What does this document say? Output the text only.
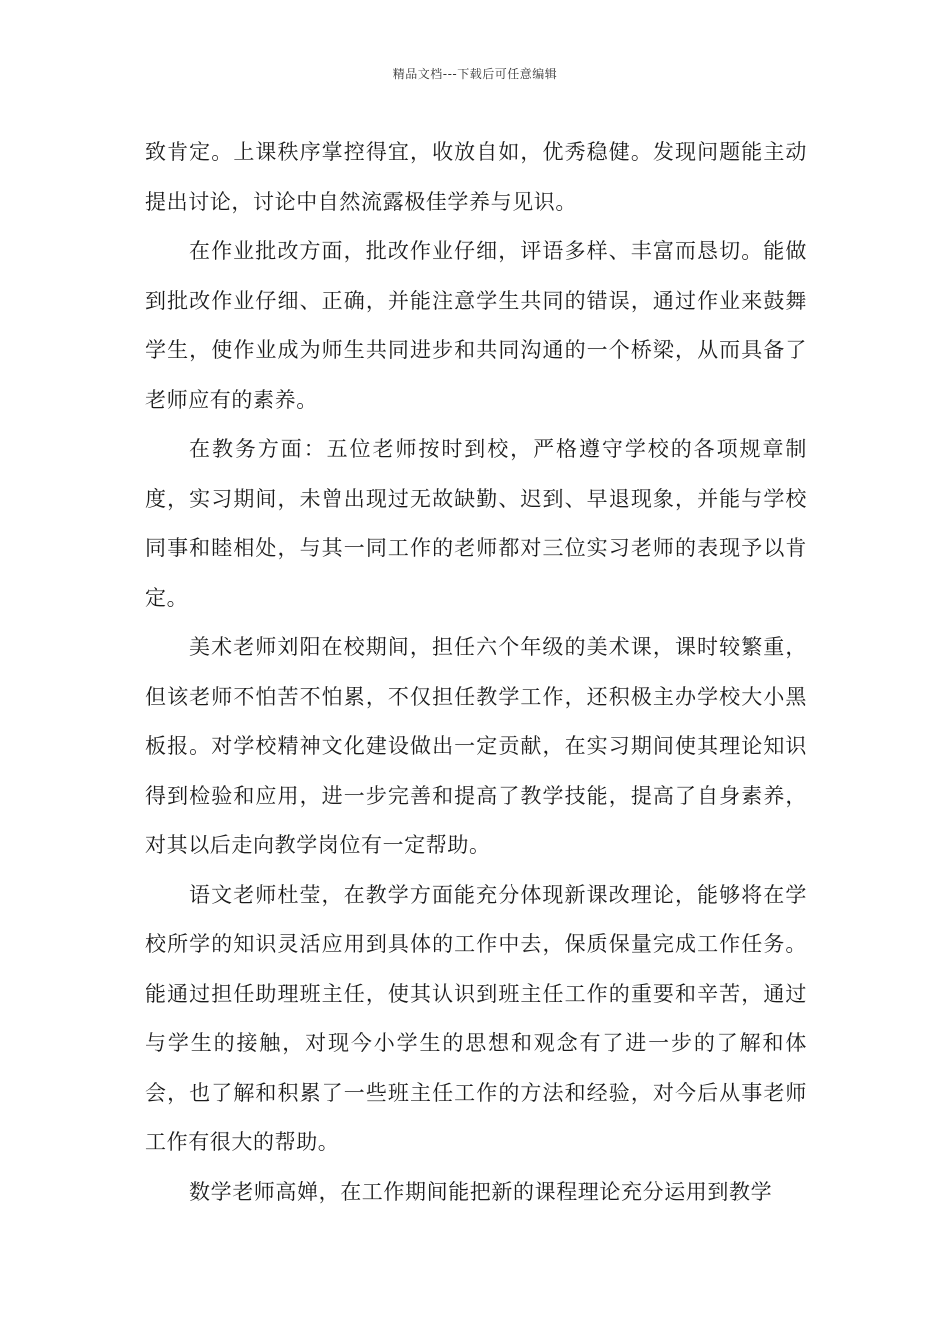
精品文档---下载后可任意编辑

致肯定。上课秩序掌控得宜，收放自如，优秀稳健。发现问题能主动提出讨论，讨论中自然流露极佳学养与见识。

在作业批改方面，批改作业仔细，评语多样、丰富而恳切。能做到批改作业仔细、正确，并能注意学生共同的错误，通过作业来鼓舞学生，使作业成为师生共同进步和共同沟通的一个桥梁，从而具备了老师应有的素养。

在教务方面：五位老师按时到校，严格遵守学校的各项规章制度，实习期间，未曾出现过无故缺勤、迟到、早退现象，并能与学校同事和睦相处，与其一同工作的老师都对三位实习老师的表现予以肯定。

美术老师刘阳在校期间，担任六个年级的美术课，课时较繁重，但该老师不怕苦不怕累，不仅担任教学工作，还积极主办学校大小黑板报。对学校精神文化建设做出一定贡献，在实习期间使其理论知识得到检验和应用，进一步完善和提高了教学技能，提高了自身素养，对其以后走向教学岗位有一定帮助。

语文老师杜莹，在教学方面能充分体现新课改理论，能够将在学校所学的知识灵活应用到具体的工作中去，保质保量完成工作任务。能通过担任助理班主任，使其认识到班主任工作的重要和辛苦，通过与学生的接触，对现今小学生的思想和观念有了进一步的了解和体会，也了解和积累了一些班主任工作的方法和经验，对今后从事老师工作有很大的帮助。

数学老师高婵，在工作期间能把新的课程理论充分运用到教学
